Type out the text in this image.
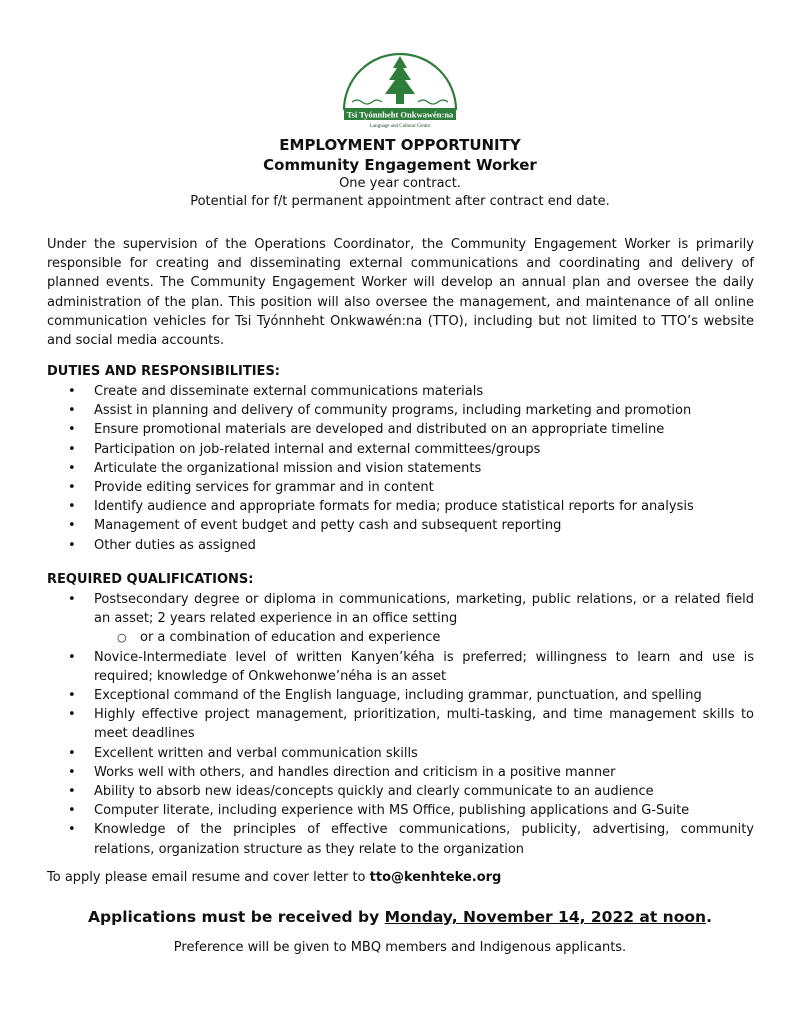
Tsi Tyónnheht Onkwawén:na
Language and Cultural Centre
EMPLOYMENT OPPORTUNITY
Community Engagement Worker
One year contract.
Potential for f/t permanent appointment after contract end date.
Under the supervision of the Operations Coordinator, the Community Engagement Worker is primarily responsible for creating and disseminating external communications and coordinating and delivery of planned events. The Community Engagement Worker will develop an annual plan and oversee the daily administration of the plan. This position will also oversee the management, and maintenance of all online communication vehicles for Tsi Tyónnheht Onkwawén:na (TTO), including but not limited to TTO’s website and social media accounts.
DUTIES AND RESPONSIBILITIES:
• Create and disseminate external communications materials
• Assist in planning and delivery of community programs, including marketing and promotion
• Ensure promotional materials are developed and distributed on an appropriate timeline
• Participation on job-related internal and external committees/groups
• Articulate the organizational mission and vision statements
• Provide editing services for grammar and in content
• Identify audience and appropriate formats for media; produce statistical reports for analysis
• Management of event budget and petty cash and subsequent reporting
• Other duties as assigned
REQUIRED QUALIFICATIONS:
• Postsecondary degree or diploma in communications, marketing, public relations, or a related field an asset; 2 years related experience in an office setting
○ or a combination of education and experience
• Novice-Intermediate level of written Kanyen’kéha is preferred; willingness to learn and use is required; knowledge of Onkwehonwe’néha is an asset
• Exceptional command of the English language, including grammar, punctuation, and spelling
• Highly effective project management, prioritization, multi-tasking, and time management skills to meet deadlines
• Excellent written and verbal communication skills
• Works well with others, and handles direction and criticism in a positive manner
• Ability to absorb new ideas/concepts quickly and clearly communicate to an audience
• Computer literate, including experience with MS Office, publishing applications and G-Suite
• Knowledge of the principles of effective communications, publicity, advertising, community relations, organization structure as they relate to the organization
To apply please email resume and cover letter to tto@kenhteke.org
Applications must be received by Monday, November 14, 2022 at noon.
Preference will be given to MBQ members and Indigenous applicants.
